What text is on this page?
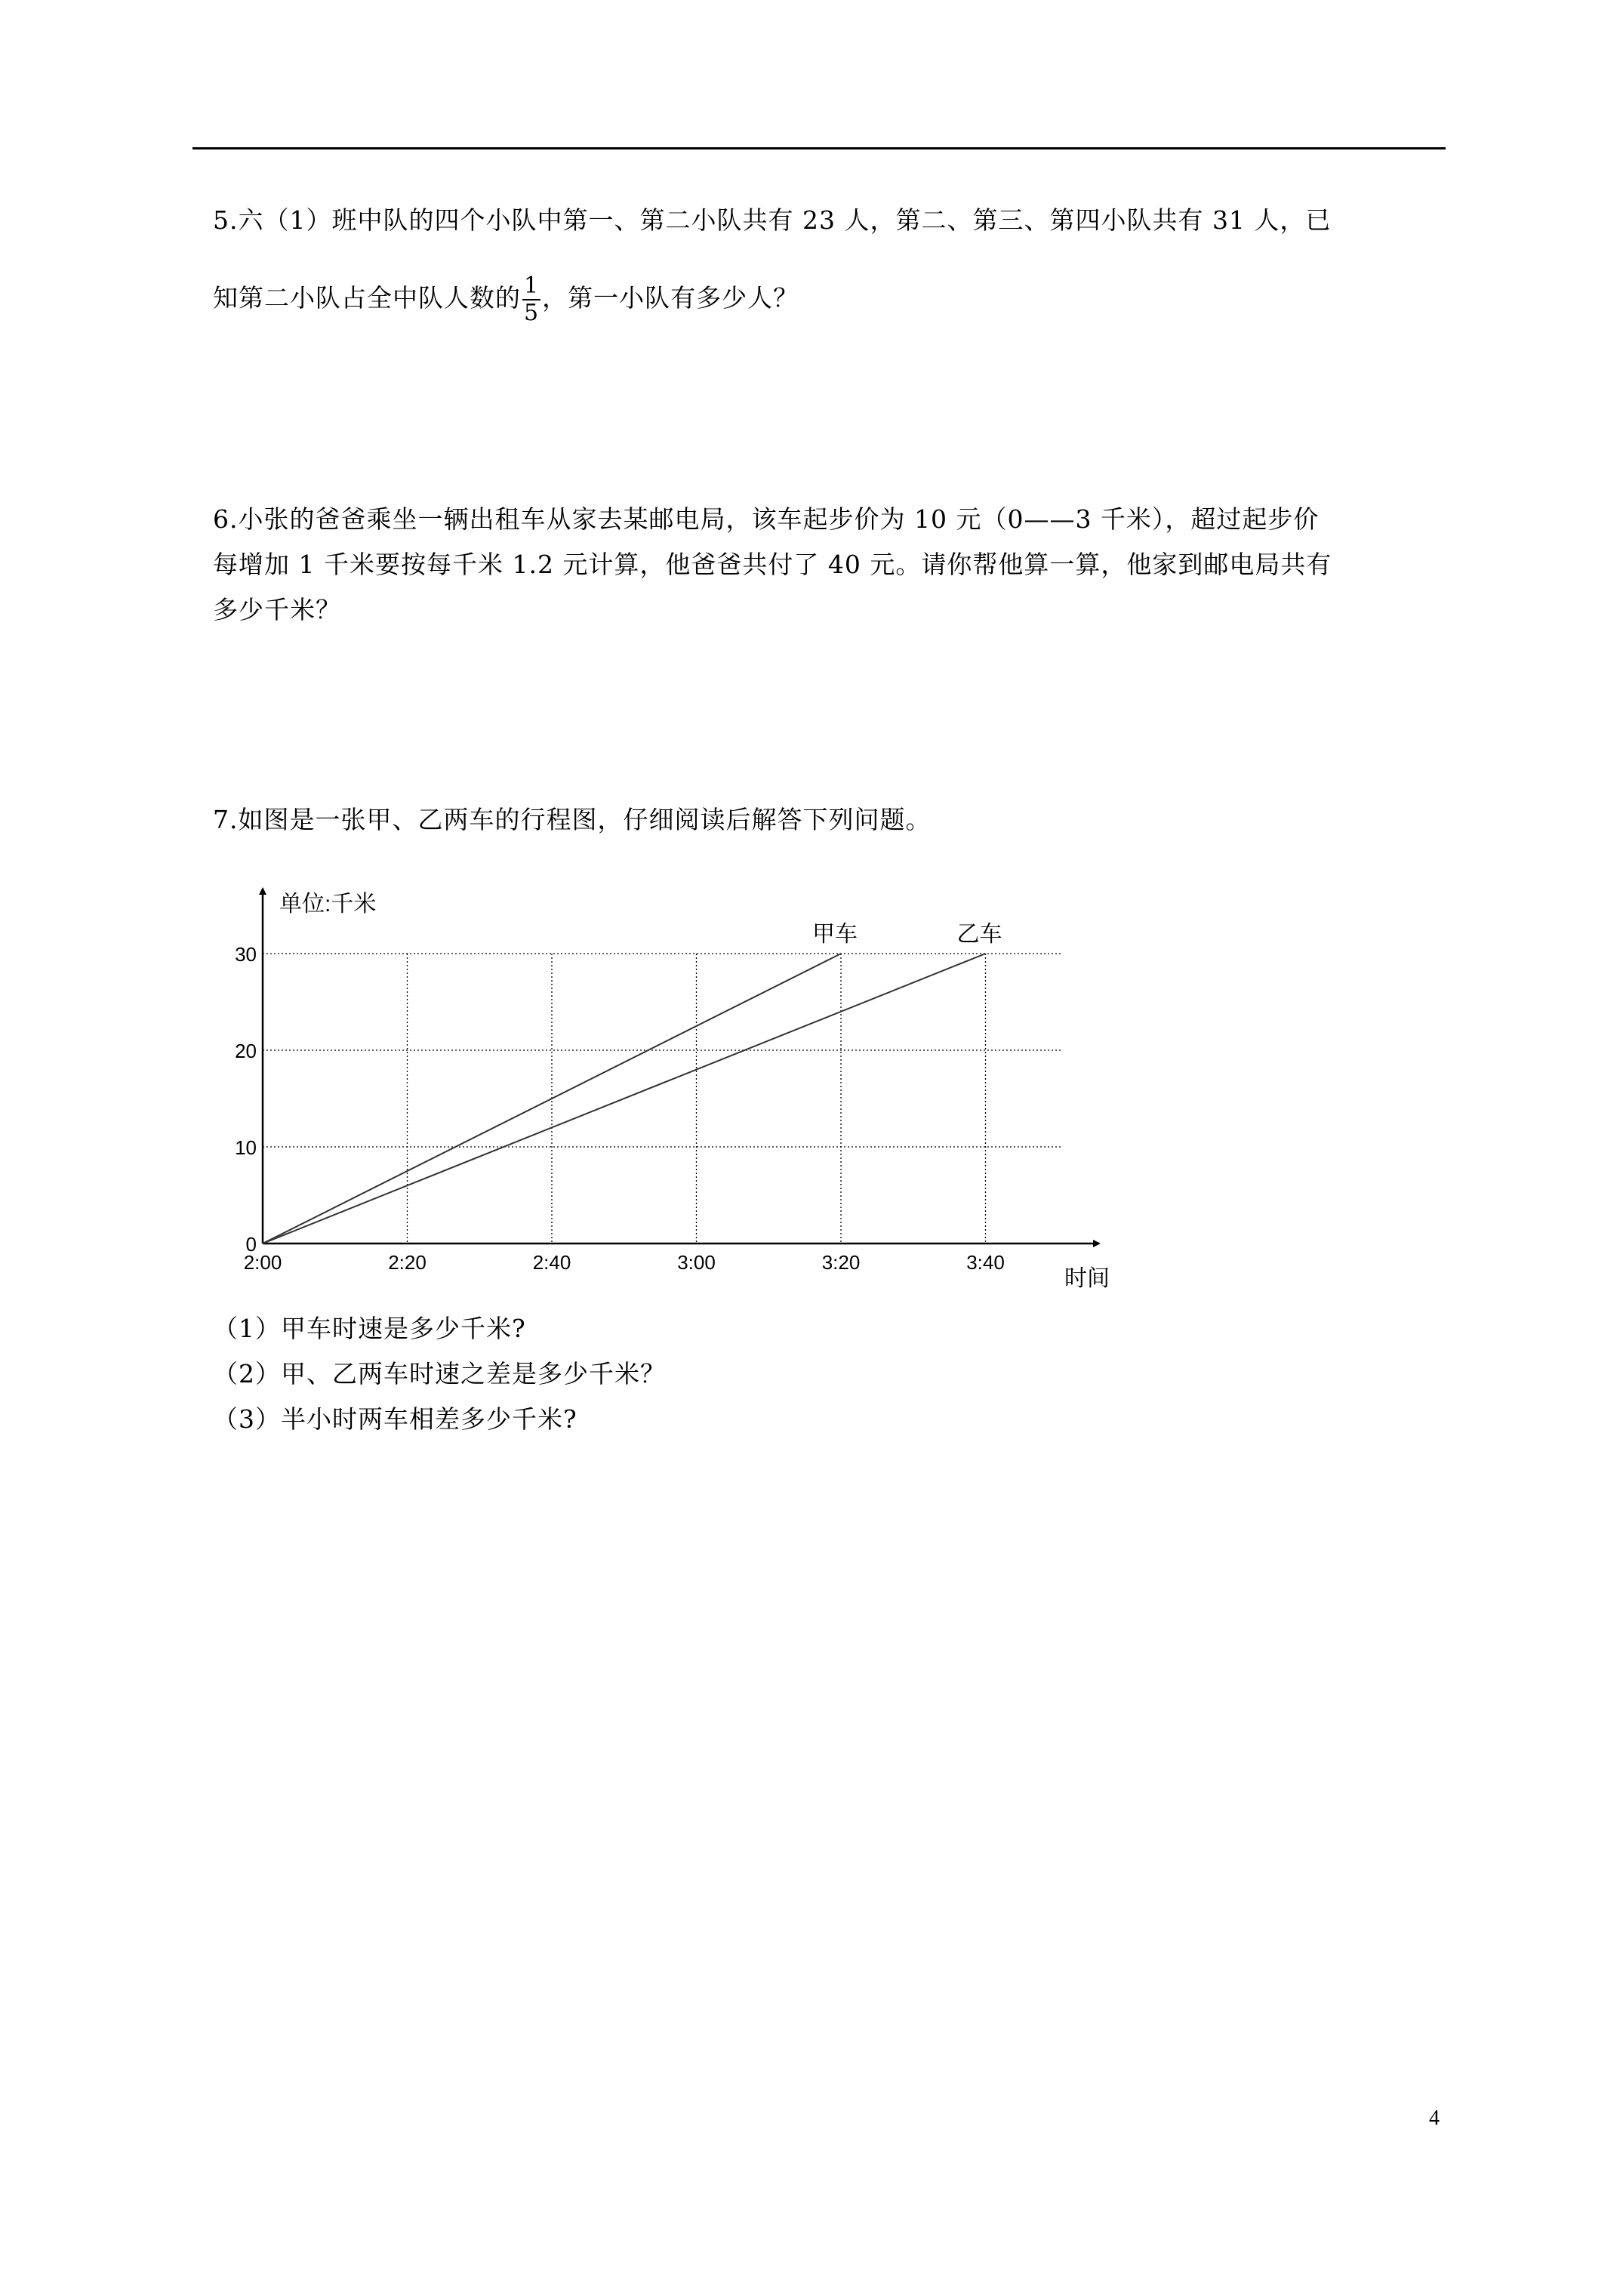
5.六（1）班中队的四个小队中第一、第二小队共有 23 人，第二、第三、第四小队共有 31 人，已
知第二小队占全中队人数的 $\frac{1}{5}$ ，第一小队有多少人？
6.小张的爸爸乘坐一辆出租车从家去某邮电局，该车起步价为 10 元（0——3 千米），超过起步价
每增加 1 千米要按每千米 1.2 元计算，他爸爸共付了 40 元。请你帮他算一算，他家到邮电局共有
多少千米？
7.如图是一张甲、乙两车的行程图，仔细阅读后解答下列问题。
单位:千米
时间
0
10
20
30
2:00	2:20	2:40	3:00	3:20	3:40
甲车	乙车
（1）甲车时速是多少千米?
（2）甲、乙两车时速之差是多少千米？
（3）半小时两车相差多少千米?
4
